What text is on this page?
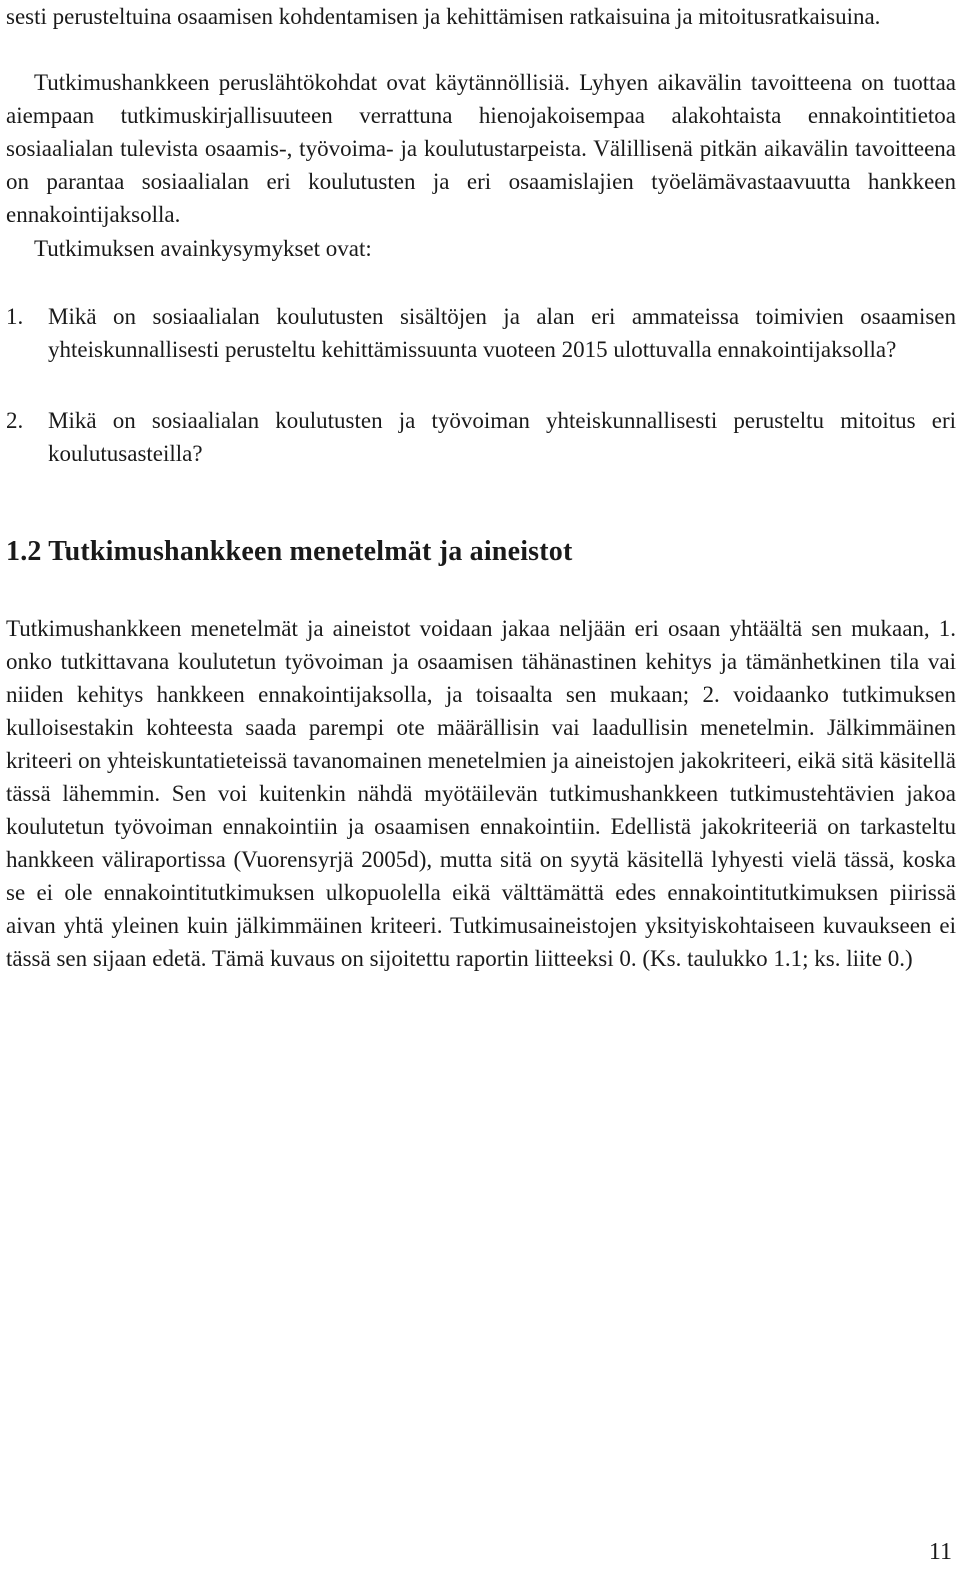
sesti perusteltuina osaamisen kohdentamisen ja kehittämisen ratkaisuina ja mitoitusratkaisuina.

Tutkimushankkeen peruslähtökohdat ovat käytännöllisiä. Lyhyen aikavälin tavoitteena on tuottaa aiempaan tutkimuskirjallisuuteen verrattuna hienojakoisempaa alakohtaista ennakointitietoa sosiaalialan tulevista osaamis-, työvoima- ja koulutustarpeista. Välillisenä pitkän aikavälin tavoitteena on parantaa sosiaalialan eri koulutusten ja eri osaamislajien työelämävastaavuutta hankkeen ennakointijaksolla.

Tutkimuksen avainkysymykset ovat:

1.	Mikä on sosiaalialan koulutusten sisältöjen ja alan eri ammateissa toimivien osaamisen yhteiskunnallisesti perusteltu kehittämissuunta vuoteen 2015 ulottuvalla ennakointijaksolla?
2.	Mikä on sosiaalialan koulutusten ja työvoiman yhteiskunnallisesti perusteltu mitoitus eri koulutusasteilla?
1.2 Tutkimushankkeen menetelmät ja aineistot

Tutkimushankkeen menetelmät ja aineistot voidaan jakaa neljään eri osaan yhtäältä sen mukaan, 1. onko tutkittavana koulutetun työvoiman ja osaamisen tähänastinen kehitys ja tämänhetkinen tila vai niiden kehitys hankkeen ennakointijaksolla, ja toisaalta sen mukaan; 2. voidaanko tutkimuksen kulloisestakin kohteesta saada parempi ote määrällisin vai laadullisin menetelmin. Jälkimmäinen kriteeri on yhteiskuntatieteissä tavanomainen menetelmien ja aineistojen jakokriteeri, eikä sitä käsitellä tässä lähemmin. Sen voi kuitenkin nähdä myötäilevän tutkimushankkeen tutkimustehtävien jakoa koulutetun työvoiman ennakointiin ja osaamisen ennakointiin. Edellistä jakokriteeriä on tarkasteltu hankkeen väliraportissa (Vuorensyrjä 2005d), mutta sitä on syytä käsitellä lyhyesti vielä tässä, koska se ei ole ennakointitutkimuksen ulkopuolella eikä välttämättä edes ennakointitutkimuksen piirissä aivan yhtä yleinen kuin jälkimmäinen kriteeri. Tutkimusaineistojen yksityiskohtaiseen kuvaukseen ei tässä sen sijaan edetä. Tämä kuvaus on sijoitettu raportin liitteeksi 0. (Ks. taulukko 1.1; ks. liite 0.)

11
